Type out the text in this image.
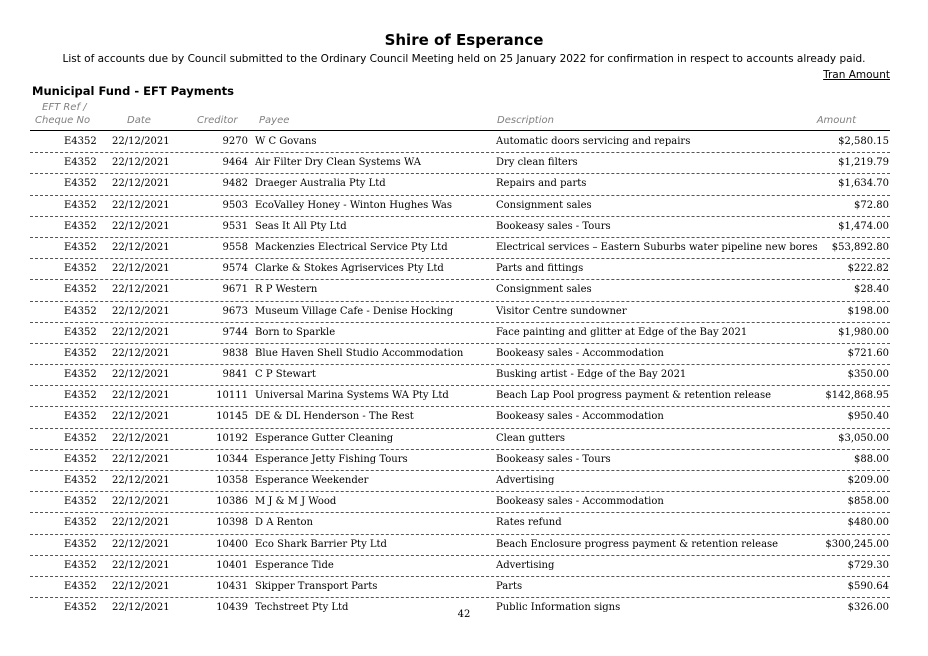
Shire of Esperance
List of accounts due by Council submitted to the Ordinary Council Meeting held on 25 January 2022 for confirmation in respect to accounts already paid.
Tran Amount
Municipal Fund - EFT Payments
EFT Ref /
Cheque No	Date	Creditor Payee	Description	Amount
E4352 22/12/2021	9270 W C Govans	Automatic doors servicing and repairs	$2,580.15
E4352 22/12/2021	9464 Air Filter Dry Clean Systems WA	Dry clean filters	$1,219.79
E4352 22/12/2021	9482 Draeger Australia Pty Ltd	Repairs and parts	$1,634.70
E4352 22/12/2021	9503 EcoValley Honey - Winton Hughes Was	Consignment sales	$72.80
E4352 22/12/2021	9531 Seas It All Pty Ltd	Bookeasy sales - Tours	$1,474.00
E4352 22/12/2021	9558 Mackenzies Electrical Service Pty Ltd	Electrical services – Eastern Suburbs water pipeline new bores $53,892.80
E4352 22/12/2021	9574 Clarke & Stokes Agriservices Pty Ltd	Parts and fittings	$222.82
E4352 22/12/2021	9671 R P Western	Consignment sales	$28.40
E4352 22/12/2021	9673 Museum Village Cafe - Denise Hocking	Visitor Centre sundowner	$198.00
E4352 22/12/2021	9744 Born to Sparkle	Face painting and glitter at Edge of the Bay 2021	$1,980.00
E4352 22/12/2021	9838 Blue Haven Shell Studio Accommodation	Bookeasy sales - Accommodation	$721.60
E4352 22/12/2021	9841 C P Stewart	Busking artist - Edge of the Bay 2021	$350.00
E4352 22/12/2021	10111 Universal Marina Systems WA Pty Ltd	Beach Lap Pool progress payment & retention release	$142,868.95
E4352 22/12/2021	10145 DE & DL Henderson - The Rest	Bookeasy sales - Accommodation	$950.40
E4352 22/12/2021	10192 Esperance Gutter Cleaning	Clean gutters	$3,050.00
E4352 22/12/2021	10344 Esperance Jetty Fishing Tours	Bookeasy sales - Tours	$88.00
E4352 22/12/2021	10358 Esperance Weekender	Advertising	$209.00
E4352 22/12/2021	10386 M J & M J Wood	Bookeasy sales - Accommodation	$858.00
E4352 22/12/2021	10398 D A Renton	Rates refund	$480.00
E4352 22/12/2021	10400 Eco Shark Barrier Pty Ltd	Beach Enclosure progress payment & retention release	$300,245.00
E4352 22/12/2021	10401 Esperance Tide	Advertising	$729.30
E4352 22/12/2021	10431 Skipper Transport Parts	Parts	$590.64
E4352 22/12/2021	10439 Techstreet Pty Ltd	Public Information signs	$326.00
42
